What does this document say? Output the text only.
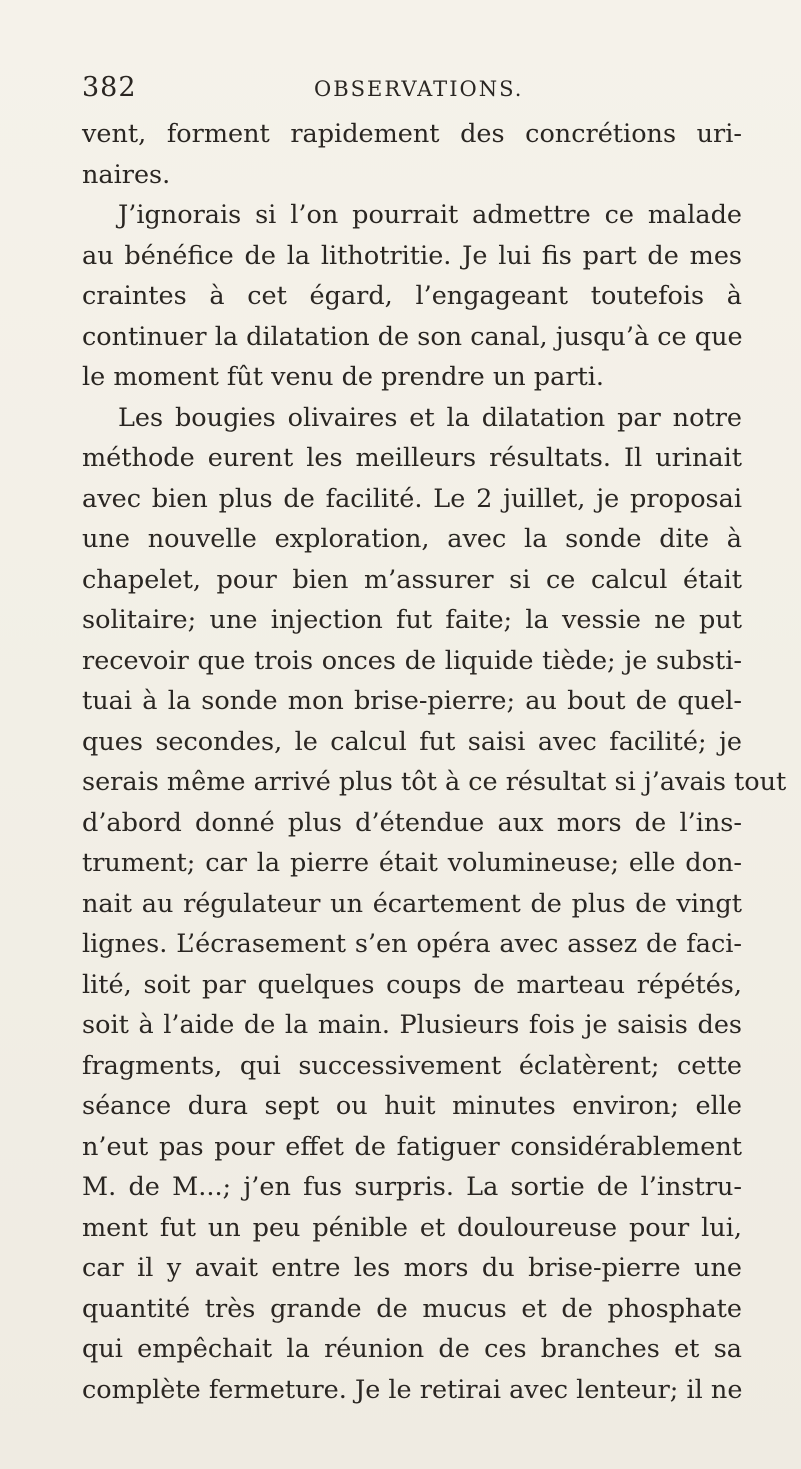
382	OBSERVATIONS.
vent, forment rapidement des concrétions uri-
naires.
J’ignorais si l’on pourrait admettre ce malade
au bénéfice de la lithotritie. Je lui fis part de mes
craintes à cet égard, l’engageant toutefois à
continuer la dilatation de son canal, jusqu’à ce que
le moment fût venu de prendre un parti.
Les bougies olivaires et la dilatation par notre
méthode eurent les meilleurs résultats. Il urinait
avec bien plus de facilité. Le 2 juillet, je proposai
une nouvelle exploration, avec la sonde dite à
chapelet, pour bien m’assurer si ce calcul était
solitaire; une injection fut faite; la vessie ne put
recevoir que trois onces de liquide tiède; je substi-
tuai à la sonde mon brise-pierre; au bout de quel-
ques secondes, le calcul fut saisi avec facilité; je
serais même arrivé plus tôt à ce résultat si j’avais tout
d’abord donné plus d’étendue aux mors de l’ins-
trument; car la pierre était volumineuse; elle don-
nait au régulateur un écartement de plus de vingt
lignes. L’écrasement s’en opéra avec assez de faci-
lité, soit par quelques coups de marteau répétés,
soit à l’aide de la main. Plusieurs fois je saisis des
fragments, qui successivement éclatèrent; cette
séance dura sept ou huit minutes environ; elle
n’eut pas pour effet de fatiguer considérablement
M. de M...; j’en fus surpris. La sortie de l’instru-
ment fut un peu pénible et douloureuse pour lui,
car il y avait entre les mors du brise-pierre une
quantité très grande de mucus et de phosphate
qui empêchait la réunion de ces branches et sa
complète fermeture. Je le retirai avec lenteur; il ne
